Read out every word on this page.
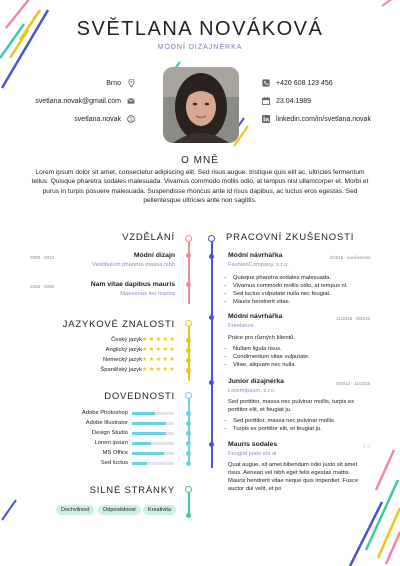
SVĚTLANA NOVÁKOVÁ
MÓDNÍ DIZAJNÉRKA
Brno
svetlana.novak@gmail.com
svetlana.novak S
+420 608 123 456
23.04.1989
linkedin.com/in/svetlana.novak
O MNĚ
Lorem ipsum dolor sit amet, consectetur adipiscing elit. Sed risus augue, tristique quis elit ac, ultricies fermentum tellus. Quisque pharetra sodales malesuada. Vivamus commodo mollis odio, at tempus nisl ullamcorper et. Morbi et purus in turpis posuere malesuada. Suspendisse rhoncus ante id risus dapibus, ac luctus eros egestas. Sed pellentesque ultricies ante non sagittis.
VZDĚLÁNÍ
2008 - 2013	Módní dizajn
Vestibulum pharetra massa nibh
2006 - 2008	Nam vitae dapibus mauris
Maecenas leo massa
JAZYKOVÉ ZNALOSTI
Český jazyk ★★★★★
Anglický jazyk ★★★★★
Nemecký jazyk ★★★★★
Španělský jazyk ★★★★★
DOVEDNOSTI
Adobe Photoshop
Adobe Illustrator
Design Studio
Lorem ipsum
MS Office
Sed luctus
SILNÉ STRÁNKY
Dochvilnost	Odpovědnost	Kreativita
PRACOVNÍ ZKUŠENOSTI
Módní návrhářka	3/2016 - současnost
FashionCompany, s.r.o.
-	Quisque pharetra sodales malesuada.
-	Vivamus commodo mollis odio, at tempus nl.
-	Sed luctus vulputate nulla nec feugiat.
-	Mauris hendrerit vitae.
Módní návrhářka	11/2015 - 8/2016
Freelance
Práce pro různých klientů.
-	Nullam ligula risus.
-	Condimentum vitae vulputate.
-	Vitae, aliquam nec nulla.
Junior dizajnérka	8/2013 - 11/2015
LoremIpsum, s.r.o.
Sed porttitor, massa nec pulvinar mollis, turpis ex porttitor elit, et feugiat ju.
-	Sed porttitor, massa nec pulvinar mollis
-	Turpis ex porttitor elit, et feugiat ju.
Mauris sodales	/ - /
Feugiat justo elit at
Quat augue, sit amet bibendum odio justo sit amet risus. Aenean vel nibh eget felis egestas mattis. Mauris hendrerit vitae neque quis imperdiet. Fusce auctor dui velit, et po
